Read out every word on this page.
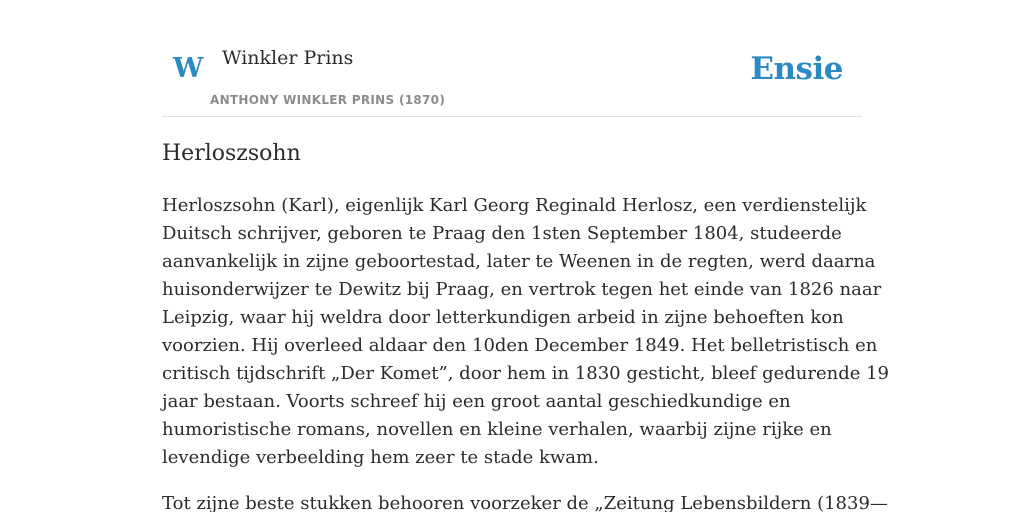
W Winkler Prins
ANTHONY WINKLER PRINS (1870)
Ensie
Herloszsohn
Herloszsohn (Karl), eigenlijk Karl Georg Reginald Herlosz, een verdienstelijk
Duitsch schrijver, geboren te Praag den 1sten September 1804, studeerde
aanvankelijk in zijne geboortestad, later te Weenen in de regten, werd daarna
huisonderwijzer te Dewitz bij Praag, en vertrok tegen het einde van 1826 naar
Leipzig, waar hij weldra door letterkundigen arbeid in zijne behoeften kon
voorzien. Hij overleed aldaar den 10den December 1849. Het belletristisch en
critisch tijdschrift „Der Komet”, door hem in 1830 gesticht, bleef gedurende 19
jaar bestaan. Voorts schreef hij een groot aantal geschiedkundige en
humoristische romans, novellen en kleine verhalen, waarbij zijne rijke en
levendige verbeelding hem zeer te stade kwam.
Tot zijne beste stukken behooren voorzeker de „Zeitung Lebensbildern (1839—
